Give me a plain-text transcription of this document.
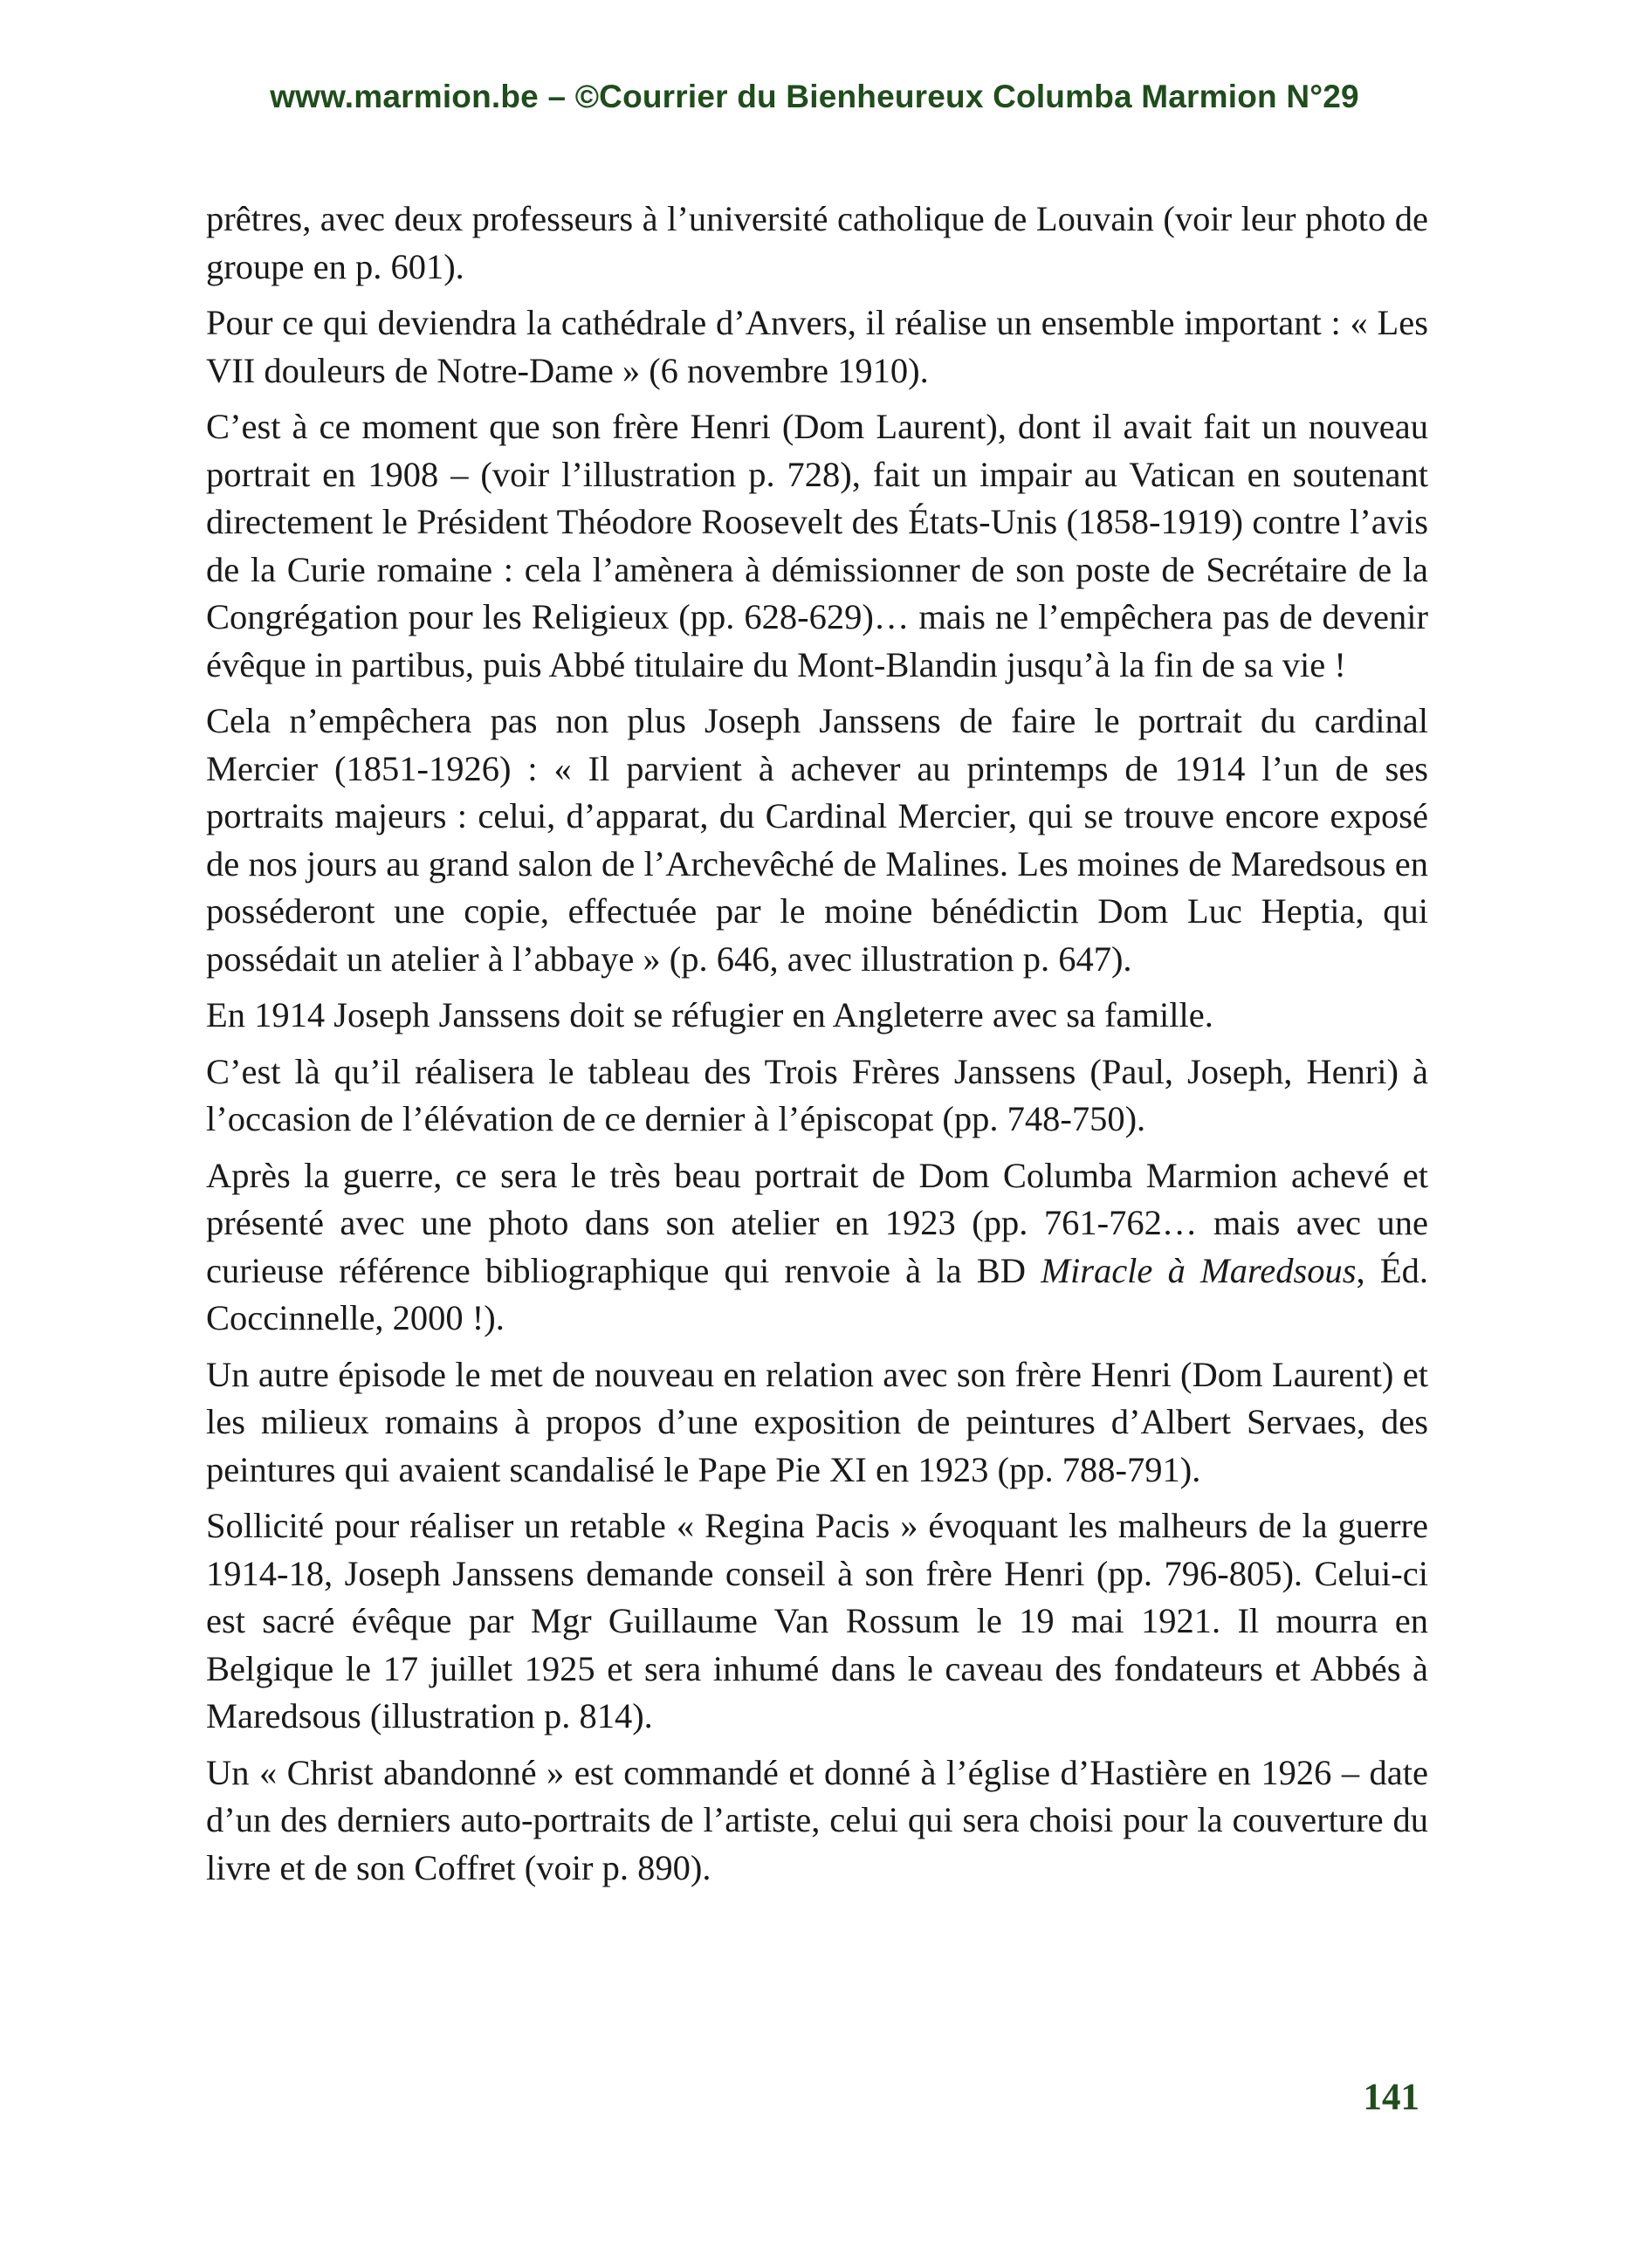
www.marmion.be – ©Courrier du Bienheureux Columba Marmion N°29

prêtres, avec deux professeurs à l’université catholique de Louvain (voir leur photo de groupe en p. 601).

Pour ce qui deviendra la cathédrale d’Anvers, il réalise un ensemble important : « Les VII douleurs de Notre-Dame » (6 novembre 1910).

C’est à ce moment que son frère Henri (Dom Laurent), dont il avait fait un nouveau portrait en 1908 – (voir l’illustration p. 728), fait un impair au Vatican en soutenant directement le Président Théodore Roosevelt des États-Unis (1858-1919) contre l’avis de la Curie romaine : cela l’amènera à démissionner de son poste de Secrétaire de la Congrégation pour les Religieux (pp. 628-629)… mais ne l’empêchera pas de devenir évêque in partibus, puis Abbé titulaire du Mont-Blandin jusqu’à la fin de sa vie !

Cela n’empêchera pas non plus Joseph Janssens de faire le portrait du cardinal Mercier (1851-1926) : « Il parvient à achever au printemps de 1914 l’un de ses portraits majeurs : celui, d’apparat, du Cardinal Mercier, qui se trouve encore exposé de nos jours au grand salon de l’Archevêché de Malines. Les moines de Maredsous en posséderont une copie, effectuée par le moine bénédictin Dom Luc Heptia, qui possédait un atelier à l’abbaye » (p. 646, avec illustration p. 647).

En 1914 Joseph Janssens doit se réfugier en Angleterre avec sa famille.

C’est là qu’il réalisera le tableau des Trois Frères Janssens (Paul, Joseph, Henri) à l’occasion de l’élévation de ce dernier à l’épiscopat (pp. 748-750).

Après la guerre, ce sera le très beau portrait de Dom Columba Marmion achevé et présenté avec une photo dans son atelier en 1923 (pp. 761-762… mais avec une curieuse référence bibliographique qui renvoie à la BD Miracle à Maredsous, Éd. Coccinnelle, 2000 !).

Un autre épisode le met de nouveau en relation avec son frère Henri (Dom Laurent) et les milieux romains à propos d’une exposition de peintures d’Albert Servaes, des peintures qui avaient scandalisé le Pape Pie XI en 1923 (pp. 788-791).

Sollicité pour réaliser un retable « Regina Pacis » évoquant les malheurs de la guerre 1914-18, Joseph Janssens demande conseil à son frère Henri (pp. 796-805). Celui-ci est sacré évêque par Mgr Guillaume Van Rossum le 19 mai 1921. Il mourra en Belgique le 17 juillet 1925 et sera inhumé dans le caveau des fondateurs et Abbés à Maredsous (illustration p. 814).

Un « Christ abandonné » est commandé et donné à l’église d’Hastière en 1926 – date d’un des derniers auto-portraits de l’artiste, celui qui sera choisi pour la couverture du livre et de son Coffret (voir p. 890).

141
